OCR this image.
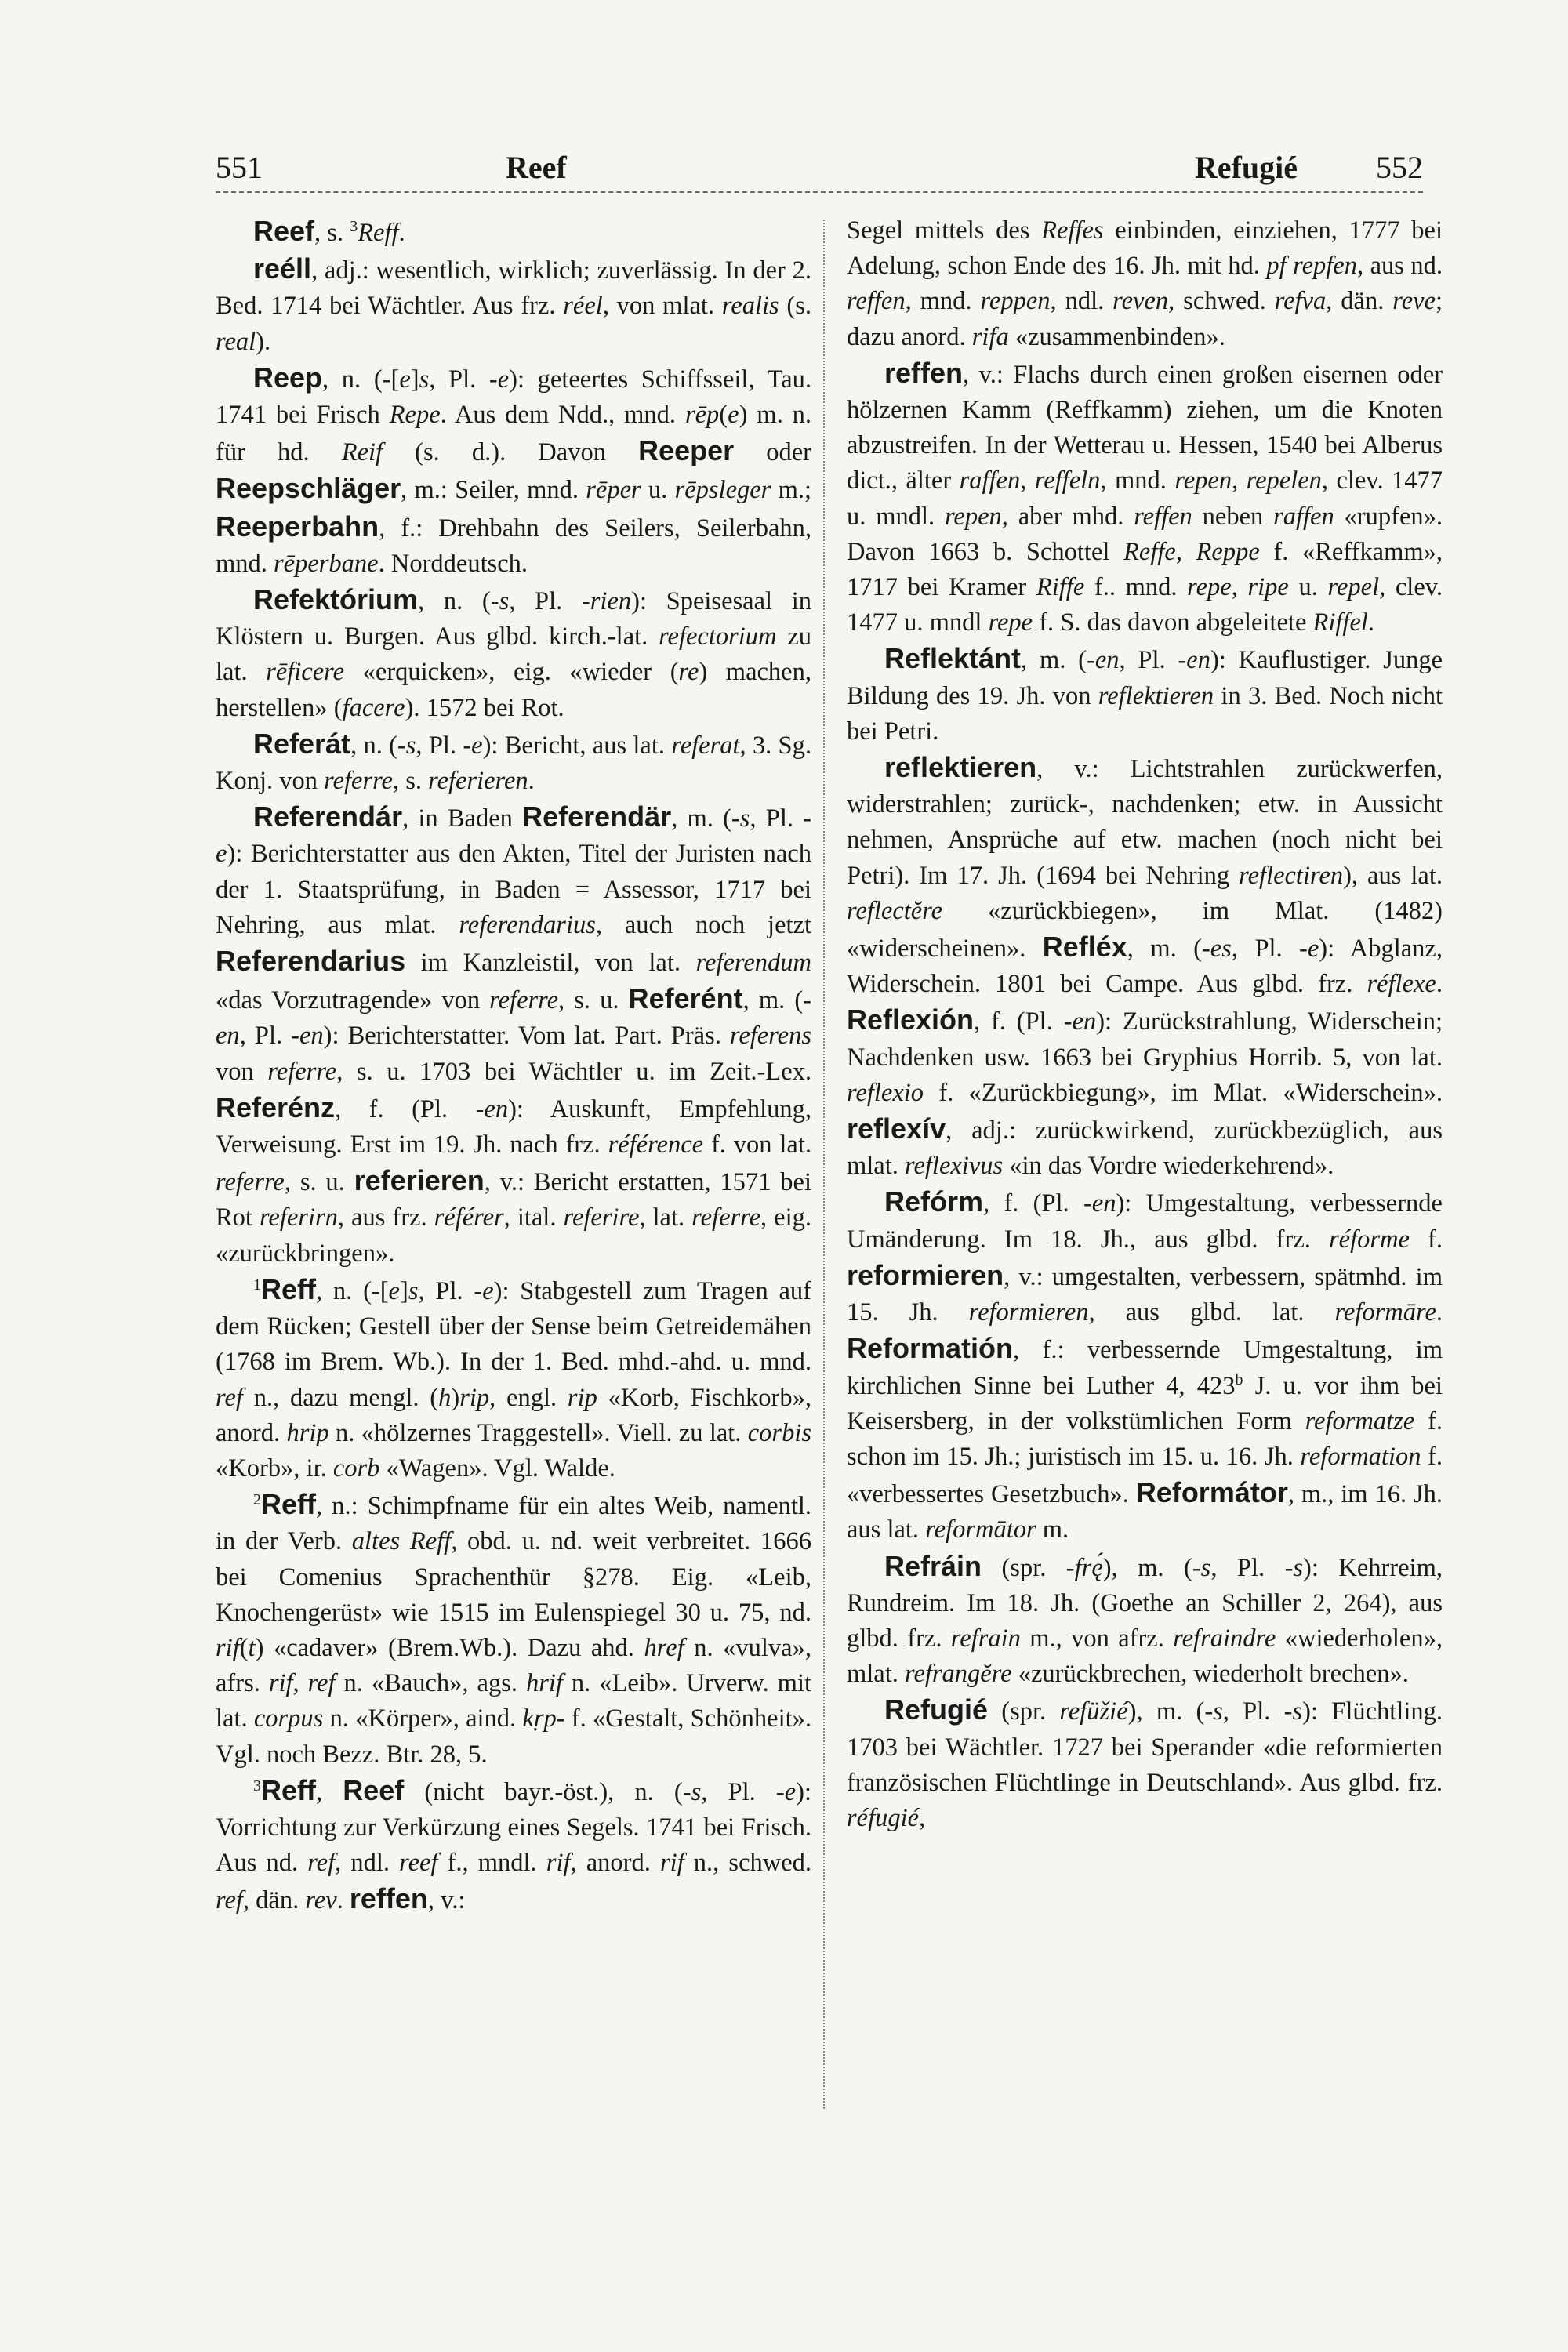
551	Reef	Refugié	552

Reef, s. $^3$Reff.

reéll, adj.: wesentlich, wirklich; zuverlässig. In der 2. Bed. 1714 bei Wächtler. Aus frz. réel, von mlat. realis (s. real).

Reep, n. (-[e]s, Pl. -e): geteertes Schiffsseil, Tau. 1741 bei Frisch Repe. Aus dem Ndd., mnd. rēp(e) m. n. für hd. Reif (s. d.). Davon Reeper oder Reepschläger, m.: Seiler, mnd. rēper u. rēpsleger m.; Reeperbahn, f.: Drehbahn des Seilers, Seilerbahn, mnd. rēperbane. Norddeutsch.

Refektórium, n. (-s, Pl. -rien): Speisesaal in Klöstern u. Burgen. Aus glbd. kirch.-lat. refectorium zu lat. rēficere «erquicken», eig. «wieder (re) machen, herstellen» (facere). 1572 bei Rot.

Referát, n. (-s, Pl. -e): Bericht, aus lat. referat, 3. Sg. Konj. von referre, s. referieren.

Referendár, in Baden Referendär, m. (-s, Pl. -e): Berichterstatter aus den Akten, Titel der Juristen nach der 1. Staatsprüfung, in Baden = Assessor, 1717 bei Nehring, aus mlat. referendarius, auch noch jetzt Referendarius im Kanzleistil, von lat. referendum «das Vorzutragende» von referre, s. u. Referént, m. (-en, Pl. -en): Berichterstatter. Vom lat. Part. Präs. referens von referre, s. u. 1703 bei Wächtler u. im Zeit.-Lex. Referénz, f. (Pl. -en): Auskunft, Empfehlung, Verweisung. Erst im 19. Jh. nach frz. référence f. von lat. referre, s. u. referieren, v.: Bericht erstatten, 1571 bei Rot referirn, aus frz. référer, ital. referire, lat. referre, eig. «zurückbringen».

$^1$Reff, n. (-[e]s, Pl. -e): Stabgestell zum Tragen auf dem Rücken; Gestell über der Sense beim Getreidemähen (1768 im Brem. Wb.). In der 1. Bed. mhd.-ahd. u. mnd. ref n., dazu mengl. (h)rip, engl. rip «Korb, Fischkorb», anord. hrip n. «hölzernes Traggestell». Viell. zu lat. corbis «Korb», ir. corb «Wagen». Vgl. Walde.

$^2$Reff, n.: Schimpfname für ein altes Weib, namentl. in der Verb. altes Reff, obd. u. nd. weit verbreitet. 1666 bei Comenius Sprachenthür §278. Eig. «Leib, Knochengerüst» wie 1515 im Eulenspiegel 30 u. 75, nd. rif(t) «cadaver» (Brem.Wb.). Dazu ahd. href n. «vulva», afrs. rif, ref n. «Bauch», ags. hrif n. «Leib». Urverw. mit lat. corpus n. «Körper», aind. kṛp- f. «Gestalt, Schönheit». Vgl. noch Bezz. Btr. 28, 5.

$^3$Reff, Reef (nicht bayr.-öst.), n. (-s, Pl. -e): Vorrichtung zur Verkürzung eines Segels. 1741 bei Frisch. Aus nd. ref, ndl. reef f., mndl. rif, anord. rif n., schwed. ref, dän. rev. reffen, v.:

Segel mittels des Reffes einbinden, einziehen, 1777 bei Adelung, schon Ende des 16. Jh. mit hd. pf repfen, aus nd. reffen, mnd. reppen, ndl. reven, schwed. refva, dän. reve; dazu anord. rifa «zusammenbinden».

reffen, v.: Flachs durch einen großen eisernen oder hölzernen Kamm (Reffkamm) ziehen, um die Knoten abzustreifen. In der Wetterau u. Hessen, 1540 bei Alberus dict., älter raffen, reffeln, mnd. repen, repelen, clev. 1477 u. mndl. repen, aber mhd. reffen neben raffen «rupfen». Davon 1663 b. Schottel Reffe, Reppe f. «Reffkamm», 1717 bei Kramer Riffe f.. mnd. repe, ripe u. repel, clev. 1477 u. mndl repe f. S. das davon abgeleitete Riffel.

Reflektánt, m. (-en, Pl. -en): Kauflustiger. Junge Bildung des 19. Jh. von reflektieren in 3. Bed. Noch nicht bei Petri.

reflektieren, v.: Lichtstrahlen zurückwerfen, widerstrahlen; zurück-, nachdenken; etw. in Aussicht nehmen, Ansprüche auf etw. machen (noch nicht bei Petri). Im 17. Jh. (1694 bei Nehring reflectiren), aus lat. reflectĕre «zurückbiegen», im Mlat. (1482) «widerscheinen». Refléx, m. (-es, Pl. -e): Abglanz, Widerschein. 1801 bei Campe. Aus glbd. frz. réflexe. Reflexión, f. (Pl. -en): Zurückstrahlung, Widerschein; Nachdenken usw. 1663 bei Gryphius Horrib. 5, von lat. reflexio f. «Zurückbiegung», im Mlat. «Widerschein». reflexív, adj.: zurückwirkend, zurückbezüglich, aus mlat. reflexivus «in das Vordre wiederkehrend».

Refórm, f. (Pl. -en): Umgestaltung, verbessernde Umänderung. Im 18. Jh., aus glbd. frz. réforme f. reformieren, v.: umgestalten, verbessern, spätmhd. im 15. Jh. reformieren, aus glbd. lat. reformāre. Reformatión, f.: verbessernde Umgestaltung, im kirchlichen Sinne bei Luther 4, 423$^b$ J. u. vor ihm bei Keisersberg, in der volkstümlichen Form reformatze f. schon im 15. Jh.; juristisch im 15. u. 16. Jh. reformation f. «verbessertes Gesetzbuch». Reformátor, m., im 16. Jh. aus lat. reformātor m.

Refráin (spr. -frę́), m. (-s, Pl. -s): Kehrreim, Rundreim. Im 18. Jh. (Goethe an Schiller 2, 264), aus glbd. frz. refrain m., von afrz. refraindre «wiederholen», mlat. refrangĕre «zurückbrechen, wiederholt brechen».

Refugié (spr. refüžié), m. (-s, Pl. -s): Flüchtling. 1703 bei Wächtler. 1727 bei Sperander «die reformierten französischen Flüchtlinge in Deutschland». Aus glbd. frz. réfugié,
